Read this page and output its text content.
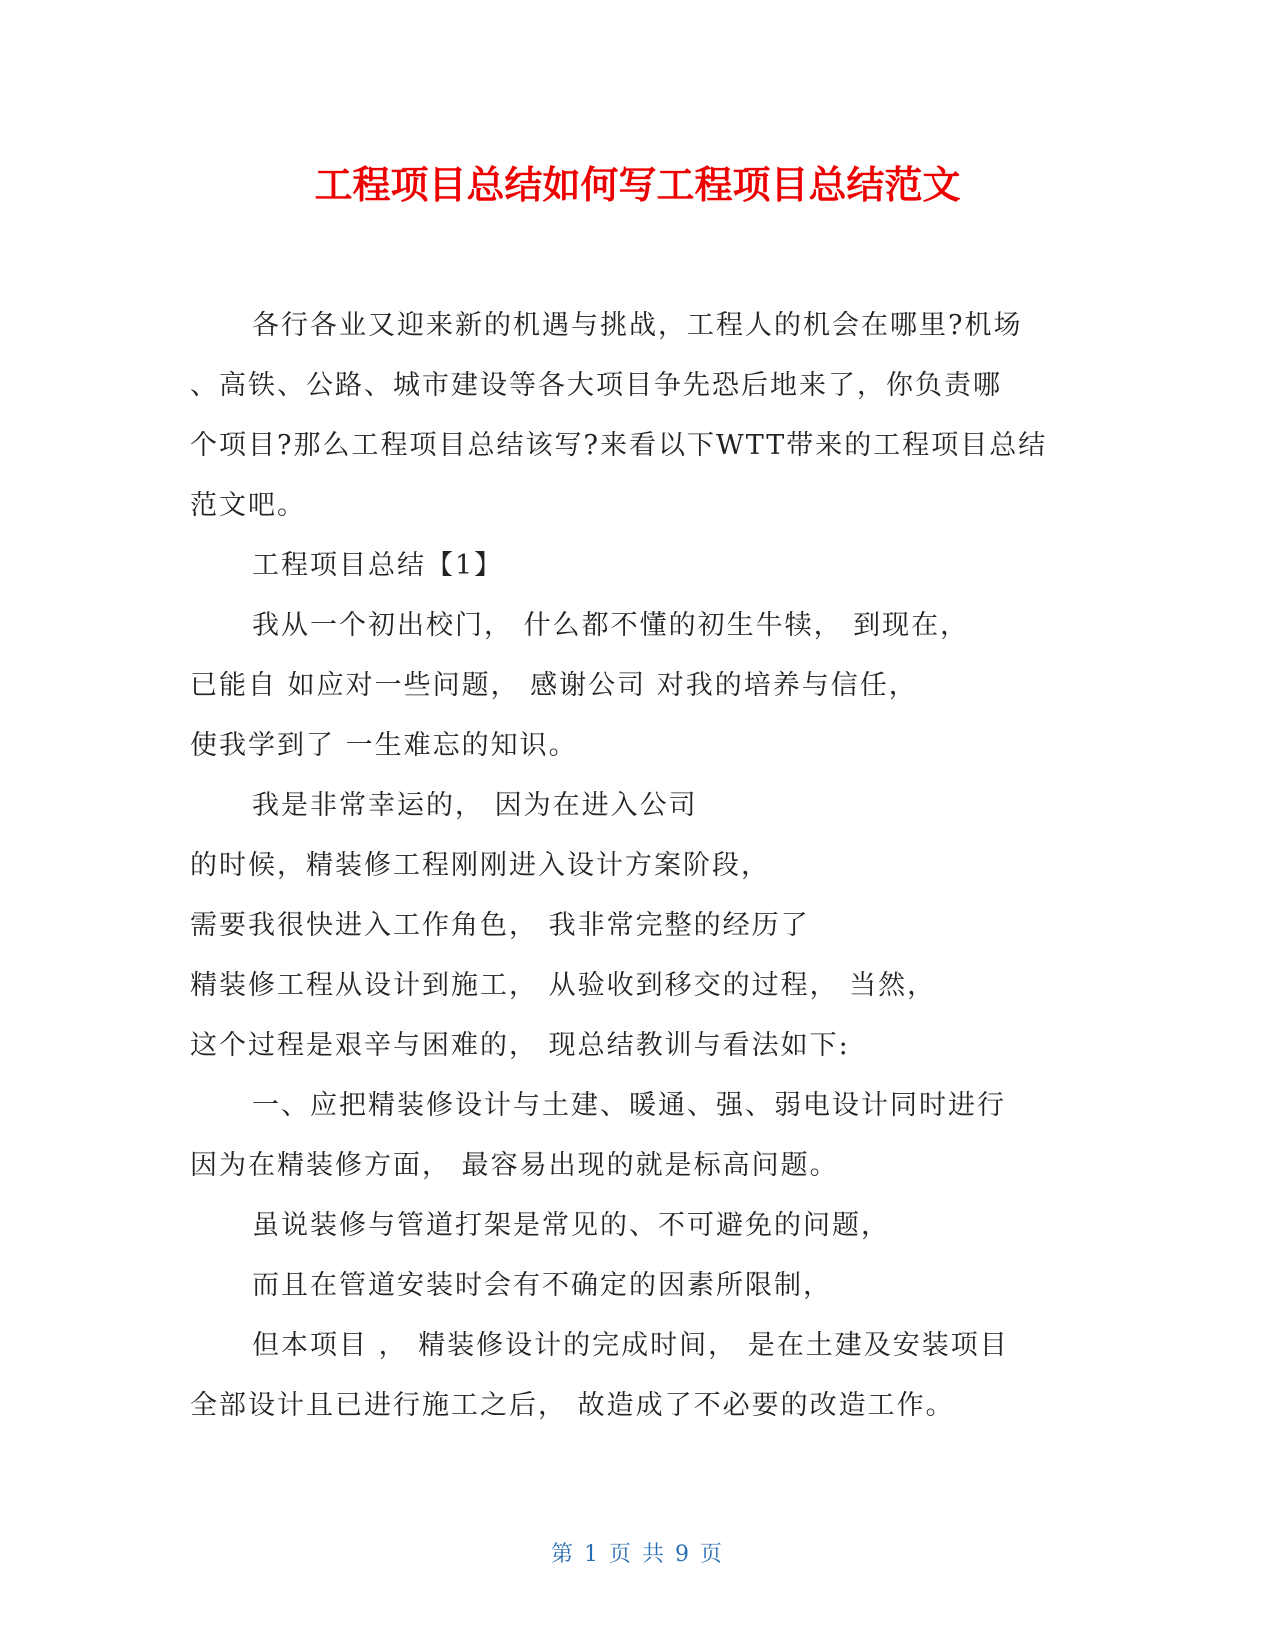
工程项目总结如何写工程项目总结范文

各行各业又迎来新的机遇与挑战，工程人的机会在哪里?机场

、高铁、公路、城市建设等各大项目争先恐后地来了，你负责哪

个项目?那么工程项目总结该写?来看以下WTT带来的工程项目总结

范文吧。

工程项目总结【1】

我从一个初出校门， 什么都不懂的初生牛犊， 到现在，

已能自 如应对一些问题， 感谢公司 对我的培养与信任，

使我学到了 一生难忘的知识。

我是非常幸运的， 因为在进入公司

的时候，精装修工程刚刚进入设计方案阶段，

需要我很快进入工作角色， 我非常完整的经历了

精装修工程从设计到施工， 从验收到移交的过程， 当然，

这个过程是艰辛与困难的， 现总结教训与看法如下:

一、应把精装修设计与土建、暖通、强、弱电设计同时进行

因为在精装修方面， 最容易出现的就是标高问题。

虽说装修与管道打架是常见的、不可避免的问题，

而且在管道安装时会有不确定的因素所限制，

但本项目 ， 精装修设计的完成时间， 是在土建及安装项目

全部设计且已进行施工之后， 故造成了不必要的改造工作。

第 1 页 共 9 页
